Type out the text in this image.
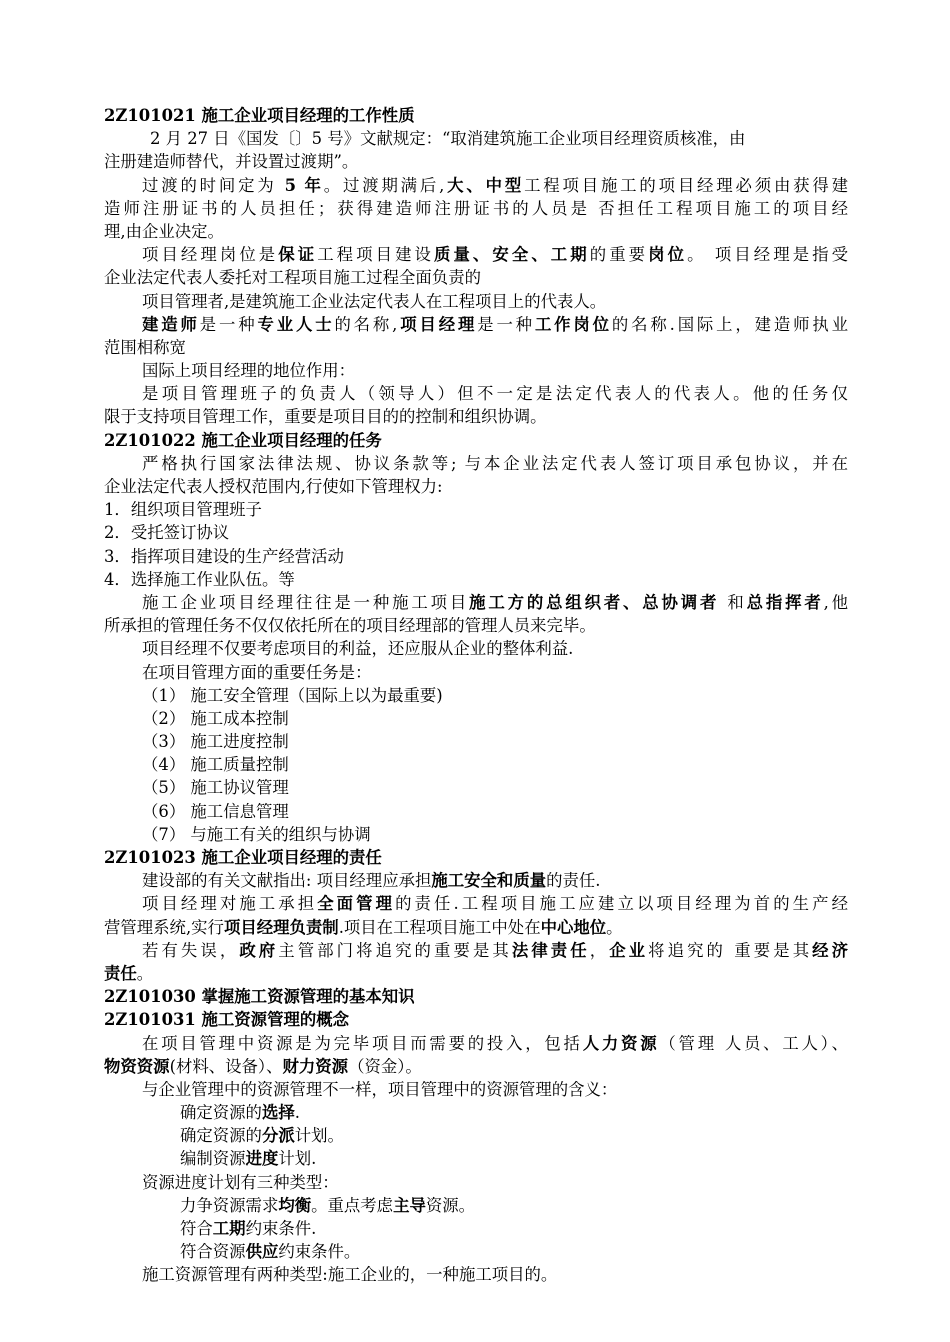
2Z101021 施工企业项目经理的工作性质
2 月 27 日《国发〔〕5 号》文献规定：“取消建筑施工企业项目经理资质核准，由
注册建造师替代，并设置过渡期”。
过渡的时间定为 5 年。过渡期满后,大、中型工程项目施工的项目经理必须由获得建
造师注册证书的人员担任；获得建造师注册证书的人员是 否担任工程项目施工的项目经
理,由企业决定。
项目经理岗位是保证工程项目建设质量、安全、工期的重要岗位。 项目经理是指受
企业法定代表人委托对工程项目施工过程全面负责的
项目管理者,是建筑施工企业法定代表人在工程项目上的代表人。
建造师是一种专业人士的名称,项目经理是一种工作岗位的名称.国际上，建造师执业
范围相称宽
国际上项目经理的地位作用：
是项目管理班子的负责人（领导人）但不一定是法定代表人的代表人。他的任务仅
限于支持项目管理工作，重要是项目目的的控制和组织协调。
2Z101022 施工企业项目经理的任务
严格执行国家法律法规、协议条款等; 与本企业法定代表人签订项目承包协议，并在
企业法定代表人授权范围内,行使如下管理权力:
1．组织项目管理班子
2．受托签订协议
3．指挥项目建设的生产经营活动
4．选择施工作业队伍。等
施工企业项目经理往往是一种施工项目施工方的总组织者、总协调者 和总指挥者,他
所承担的管理任务不仅仅依托所在的项目经理部的管理人员来完毕。
项目经理不仅要考虑项目的利益，还应服从企业的整体利益.
在项目管理方面的重要任务是：
（1） 施工安全管理（国际上以为最重要)
（2） 施工成本控制
（3） 施工进度控制
（4） 施工质量控制
（5） 施工协议管理
（6） 施工信息管理
（7） 与施工有关的组织与协调
2Z101023 施工企业项目经理的责任
建设部的有关文献指出: 项目经理应承担施工安全和质量的责任.
项目经理对施工承担全面管理的责任.工程项目施工应建立以项目经理为首的生产经
营管理系统,实行项目经理负责制.项目在工程项目施工中处在中心地位。
若有失误，政府主管部门将追究的重要是其法律责任，企业将追究的 重要是其经济
责任。
2Z101030 掌握施工资源管理的基本知识
2Z101031 施工资源管理的概念
在项目管理中资源是为完毕项目而需要的投入，包括人力资源（管理 人员、工人）、
物资资源(材料、设备）、财力资源（资金）。
与企业管理中的资源管理不一样，项目管理中的资源管理的含义：
确定资源的选择.
确定资源的分派计划。
编制资源进度计划.
资源进度计划有三种类型：
力争资源需求均衡。重点考虑主导资源。
符合工期约束条件.
符合资源供应约束条件。
施工资源管理有两种类型:施工企业的，一种施工项目的。
